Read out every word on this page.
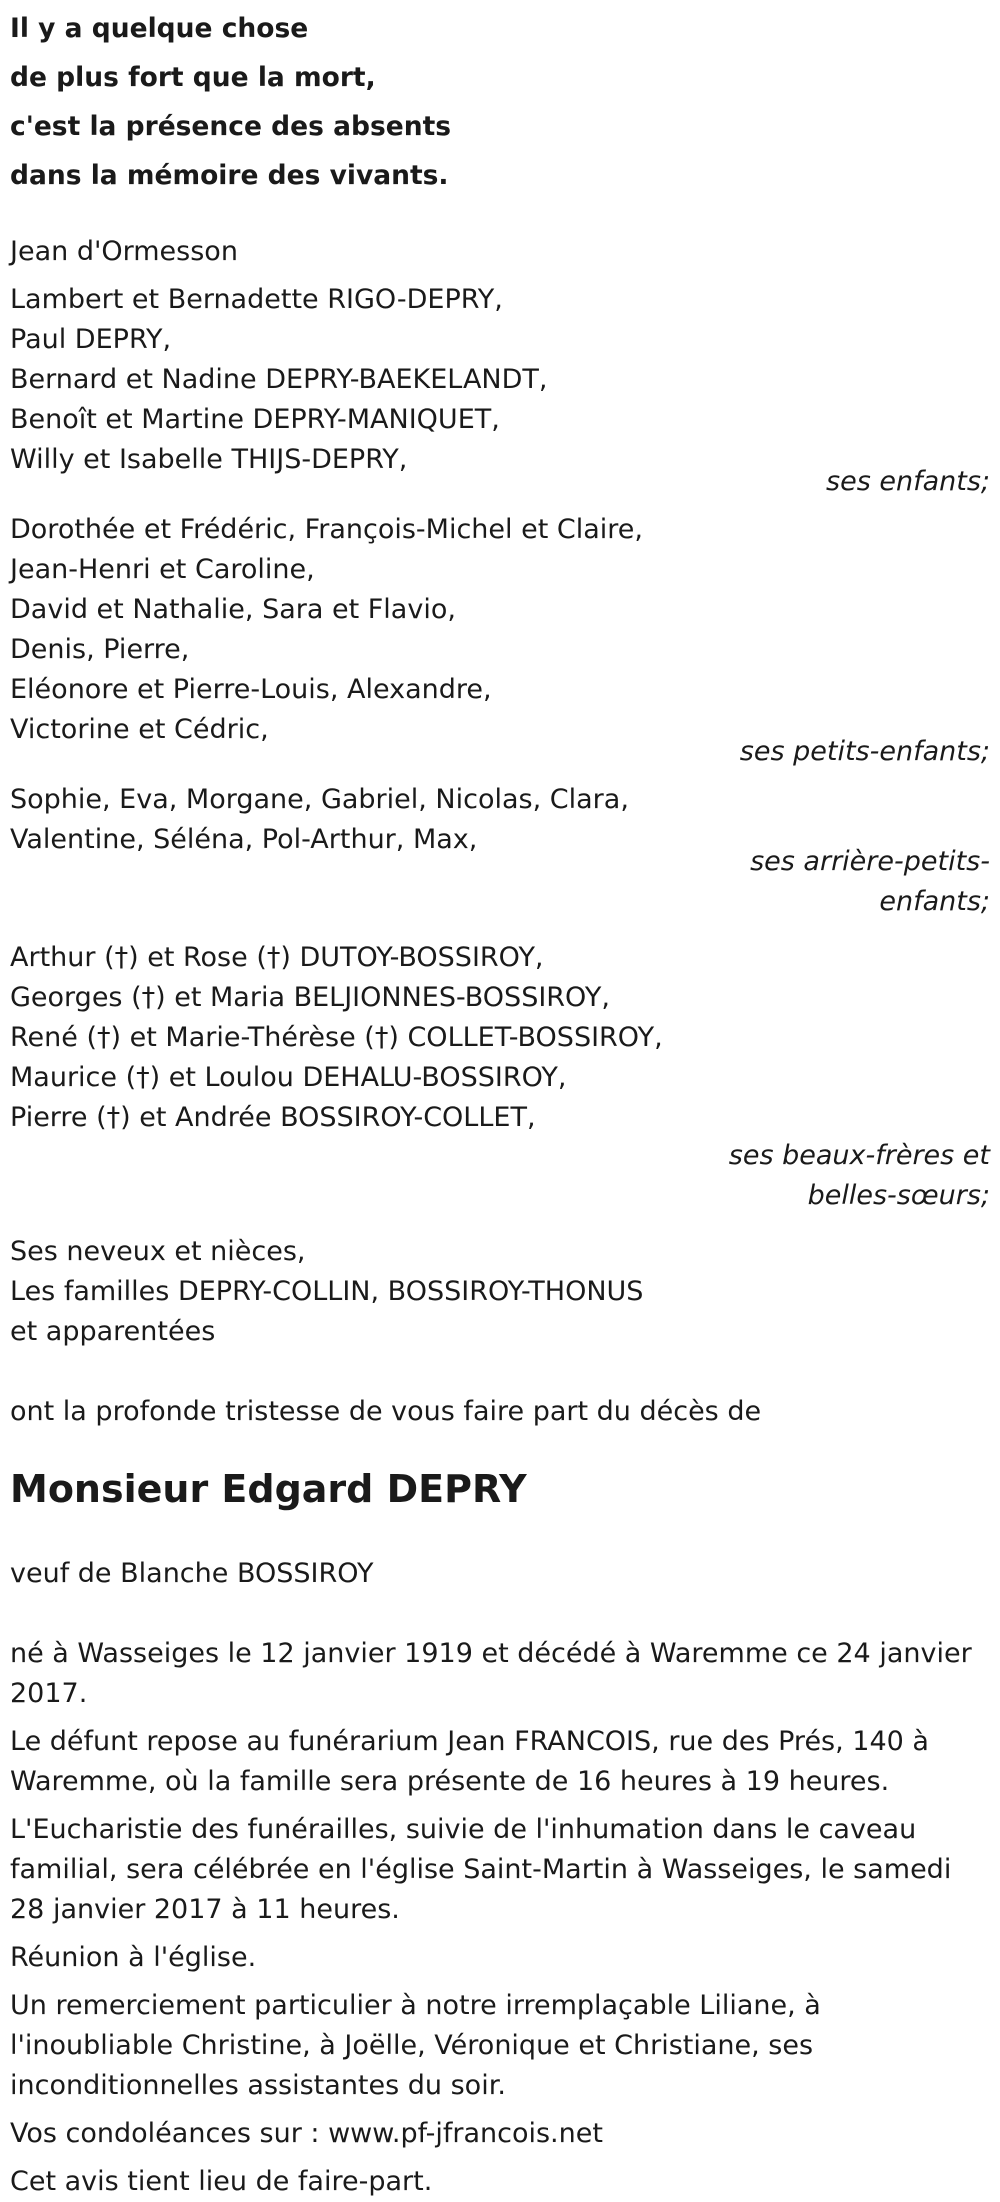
Il y a quelque chose
de plus fort que la mort,
c'est la présence des absents
dans la mémoire des vivants.
Jean d'Ormesson
Lambert et Bernadette RIGO-DEPRY,
Paul DEPRY,
Bernard et Nadine DEPRY-BAEKELANDT,
Benoît et Martine DEPRY-MANIQUET,
Willy et Isabelle THIJS-DEPRY,
ses enfants;
Dorothée et Frédéric, François-Michel et Claire,
Jean-Henri et Caroline,
David et Nathalie, Sara et Flavio,
Denis, Pierre,
Eléonore et Pierre-Louis, Alexandre,
Victorine et Cédric,
ses petits-enfants;
Sophie, Eva, Morgane, Gabriel, Nicolas, Clara,
Valentine, Séléna, Pol-Arthur, Max,
ses arrière-petits-
enfants;
Arthur (†) et Rose (†) DUTOY-BOSSIROY,
Georges (†) et Maria BELJIONNES-BOSSIROY,
René (†) et Marie-Thérèse (†) COLLET-BOSSIROY,
Maurice (†) et Loulou DEHALU-BOSSIROY,
Pierre (†) et Andrée BOSSIROY-COLLET,
ses beaux-frères et
belles-sœurs;
Ses neveux et nièces,
Les familles DEPRY-COLLIN, BOSSIROY-THONUS
et apparentées
ont la profonde tristesse de vous faire part du décès de
Monsieur Edgard DEPRY
veuf de Blanche BOSSIROY
né à Wasseiges le 12 janvier 1919 et décédé à Waremme ce 24 janvier 2017.
Le défunt repose au funérarium Jean FRANCOIS, rue des Prés, 140 à Waremme, où la famille sera présente de 16 heures à 19 heures.
L'Eucharistie des funérailles, suivie de l'inhumation dans le caveau familial, sera célébrée en l'église Saint-Martin à Wasseiges, le samedi 28 janvier 2017 à 11 heures.
Réunion à l'église.
Un remerciement particulier à notre irremplaçable Liliane, à l'inoubliable Christine, à Joëlle, Véronique et Christiane, ses inconditionnelles assistantes du soir.
Vos condoléances sur : www.pf-jfrancois.net
Cet avis tient lieu de faire-part.
